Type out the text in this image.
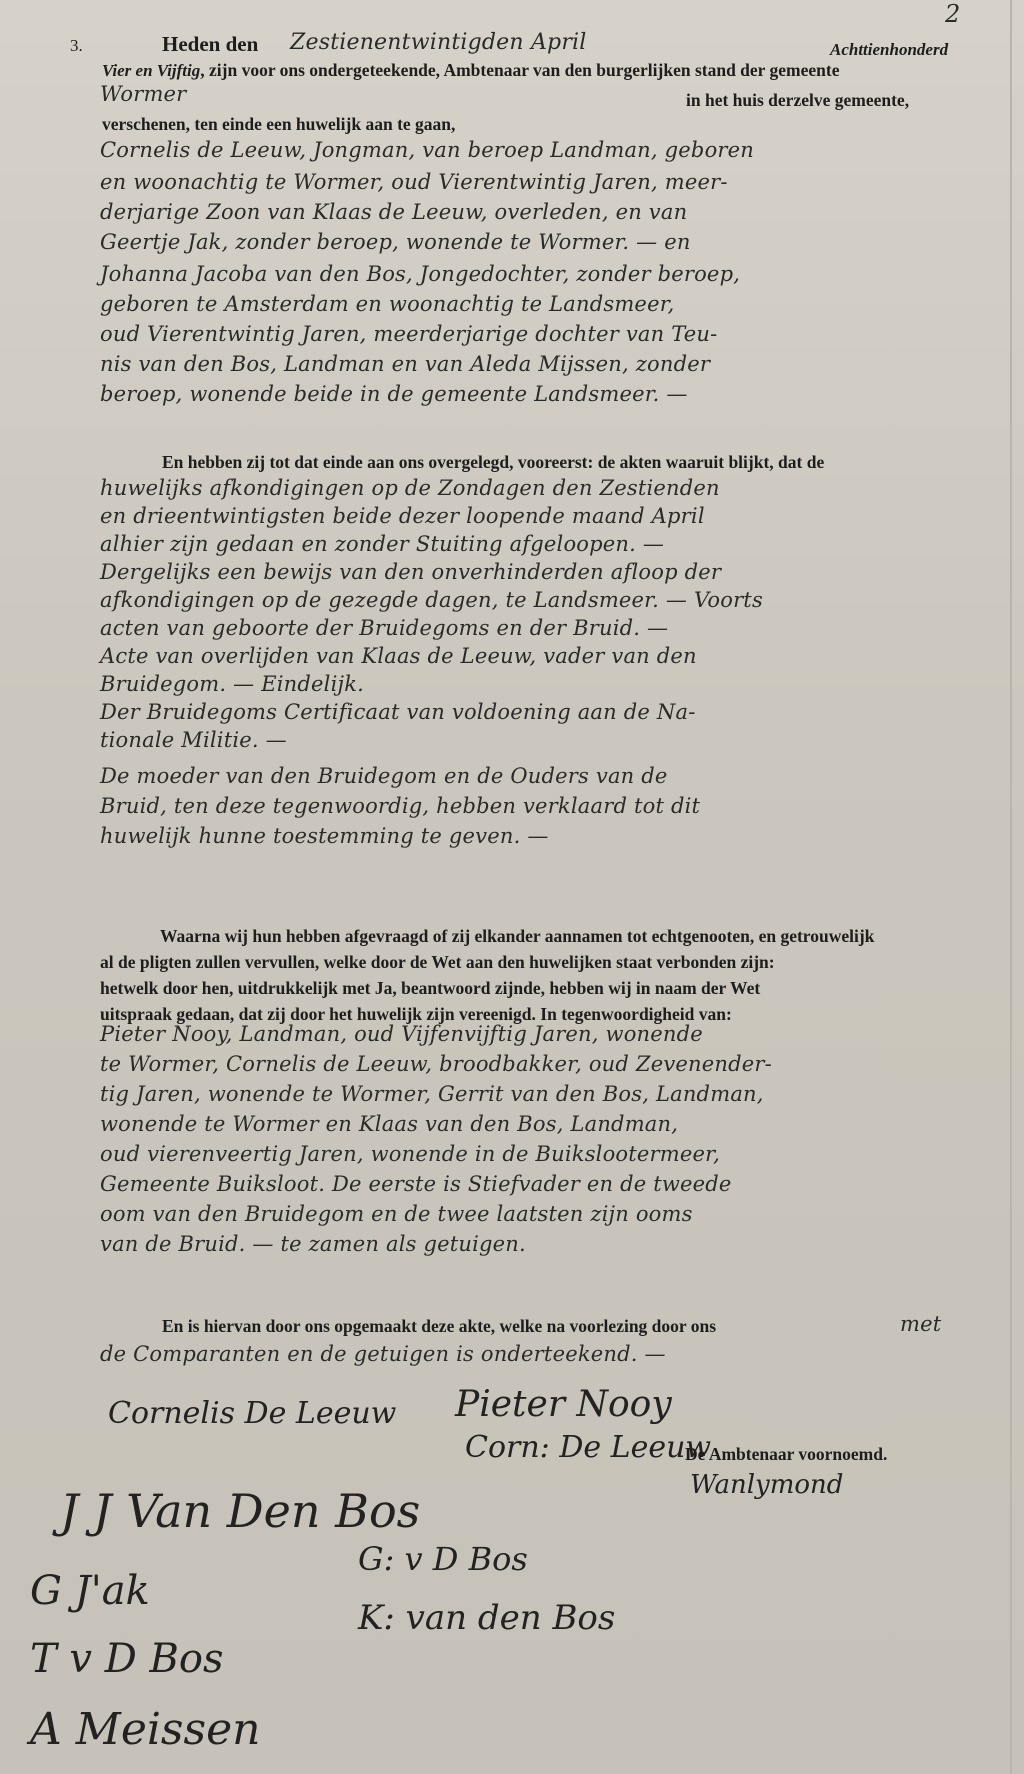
3.
2
Heden den Zestienentwintigden April	Achttienhonderd
Vier en Vijftig, zijn voor ons ondergeteekende, Ambtenaar van den burgerlijken stand der gemeente
Wormer	in het huis derzelve gemeente,
verschenen, ten einde een huwelijk aan te gaan,
Cornelis de Leeuw, Jongman, van beroep Landman, geboren
en woonachtig te Wormer, oud Vierentwintig Jaren, meer-
derjarige Zoon van Klaas de Leeuw, overleden, en van
Geertje Jak, zonder beroep, wonende te Wormer. — en
Johanna Jacoba van den Bos, Jongedochter, zonder beroep,
geboren te Amsterdam en woonachtig te Landsmeer,
oud Vierentwintig Jaren, meerderjarige dochter van Teu-
nis van den Bos, Landman en van Aleda Mijssen, zonder
beroep, wonende beide in de gemeente Landsmeer. —
En hebben zij tot dat einde aan ons overgelegd, vooreerst: de akten waaruit blijkt, dat de
huwelijks afkondigingen op de Zondagen den Zestienden
en drieentwintigsten beide dezer loopende maand April
alhier zijn gedaan en zonder Stuiting afgeloopen. —
Dergelijks een bewijs van den onverhinderden afloop der
afkondigingen op de gezegde dagen, te Landsmeer. — Voorts
acten van geboorte der Bruidegoms en der Bruid. —
Acte van overlijden van Klaas de Leeuw, vader van den
Bruidegom. — Eindelijk.
Der Bruidegoms Certificaat van voldoening aan de Na-
tionale Militie. —
De moeder van den Bruidegom en de Ouders van de
Bruid, ten deze tegenwoordig, hebben verklaard tot dit
huwelijk hunne toestemming te geven. —
Waarna wij hun hebben afgevraagd of zij elkander aannamen tot echtgenooten, en getrouwelijk
al de pligten zullen vervullen, welke door de Wet aan den huwelijken staat verbonden zijn:
hetwelk door hen, uitdrukkelijk met Ja, beantwoord zijnde, hebben wij in naam der Wet
uitspraak gedaan, dat zij door het huwelijk zijn vereenigd. In tegenwoordigheid van:
Pieter Nooy, Landman, oud Vijfenvijftig Jaren, wonende
te Wormer, Cornelis de Leeuw, broodbakker, oud Zevenender-
tig Jaren, wonende te Wormer, Gerrit van den Bos, Landman,
wonende te Wormer en Klaas van den Bos, Landman,
oud vierenveertig Jaren, wonende in de Buikslootermeer,
Gemeente Buiksloot. De eerste is Stiefvader en de tweede
oom van den Bruidegom en de twee laatsten zijn ooms
van de Bruid. — te zamen als getuigen.
En is hiervan door ons opgemaakt deze akte, welke na voorlezing door ons	met
de Comparanten en de getuigen is onderteekend. —
Cornelis De Leeuw Pieter Nooy
Corn: De Leeuw
De Ambtenaar voornoemd.
Wanlymond
J J Van Den Bos
G: v D Bos
K: van den Bos
G J'ak
T v D Bos
A Meissen
